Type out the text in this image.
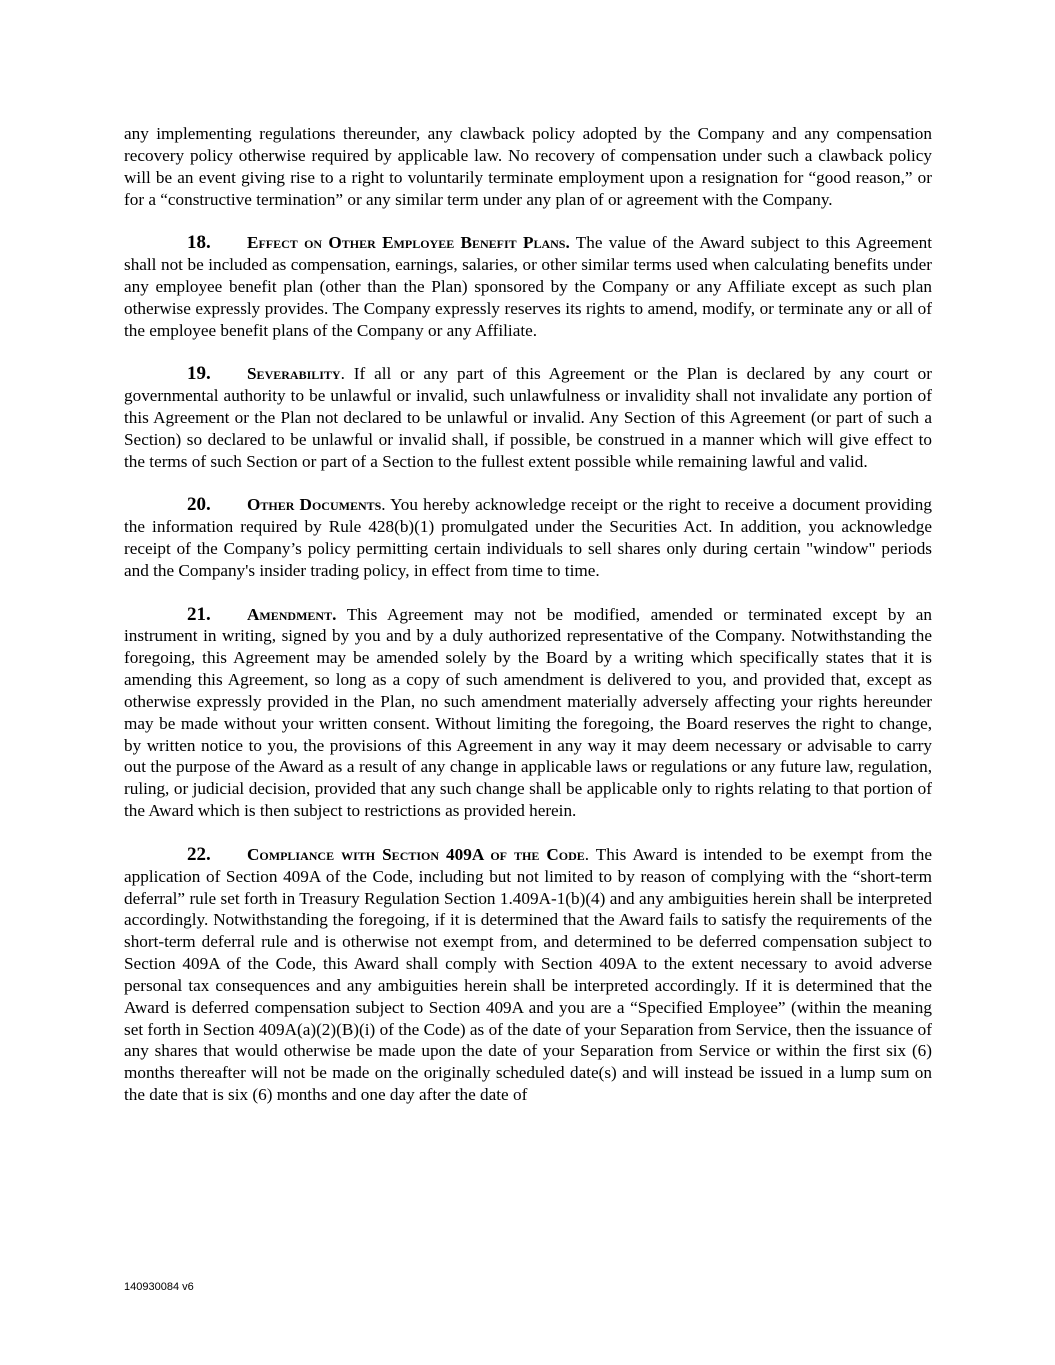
any implementing regulations thereunder, any clawback policy adopted by the Company and any compensation recovery policy otherwise required by applicable law. No recovery of compensation under such a clawback policy will be an event giving rise to a right to voluntarily terminate employment upon a resignation for “good reason,” or for a “constructive termination” or any similar term under any plan of or agreement with the Company.

18. Effect on Other Employee Benefit Plans. The value of the Award subject to this Agreement shall not be included as compensation, earnings, salaries, or other similar terms used when calculating benefits under any employee benefit plan (other than the Plan) sponsored by the Company or any Affiliate except as such plan otherwise expressly provides. The Company expressly reserves its rights to amend, modify, or terminate any or all of the employee benefit plans of the Company or any Affiliate.

19. Severability. If all or any part of this Agreement or the Plan is declared by any court or governmental authority to be unlawful or invalid, such unlawfulness or invalidity shall not invalidate any portion of this Agreement or the Plan not declared to be unlawful or invalid. Any Section of this Agreement (or part of such a Section) so declared to be unlawful or invalid shall, if possible, be construed in a manner which will give effect to the terms of such Section or part of a Section to the fullest extent possible while remaining lawful and valid.

20. Other Documents. You hereby acknowledge receipt or the right to receive a document providing the information required by Rule 428(b)(1) promulgated under the Securities Act. In addition, you acknowledge receipt of the Company’s policy permitting certain individuals to sell shares only during certain "window" periods and the Company's insider trading policy, in effect from time to time.

21. Amendment. This Agreement may not be modified, amended or terminated except by an instrument in writing, signed by you and by a duly authorized representative of the Company. Notwithstanding the foregoing, this Agreement may be amended solely by the Board by a writing which specifically states that it is amending this Agreement, so long as a copy of such amendment is delivered to you, and provided that, except as otherwise expressly provided in the Plan, no such amendment materially adversely affecting your rights hereunder may be made without your written consent. Without limiting the foregoing, the Board reserves the right to change, by written notice to you, the provisions of this Agreement in any way it may deem necessary or advisable to carry out the purpose of the Award as a result of any change in applicable laws or regulations or any future law, regulation, ruling, or judicial decision, provided that any such change shall be applicable only to rights relating to that portion of the Award which is then subject to restrictions as provided herein.

22. Compliance with Section 409A of the Code. This Award is intended to be exempt from the application of Section 409A of the Code, including but not limited to by reason of complying with the “short-term deferral” rule set forth in Treasury Regulation Section 1.409A-1(b)(4) and any ambiguities herein shall be interpreted accordingly. Notwithstanding the foregoing, if it is determined that the Award fails to satisfy the requirements of the short-term deferral rule and is otherwise not exempt from, and determined to be deferred compensation subject to Section 409A of the Code, this Award shall comply with Section 409A to the extent necessary to avoid adverse personal tax consequences and any ambiguities herein shall be interpreted accordingly. If it is determined that the Award is deferred compensation subject to Section 409A and you are a “Specified Employee” (within the meaning set forth in Section 409A(a)(2)(B)(i) of the Code) as of the date of your Separation from Service, then the issuance of any shares that would otherwise be made upon the date of your Separation from Service or within the first six (6) months thereafter will not be made on the originally scheduled date(s) and will instead be issued in a lump sum on the date that is six (6) months and one day after the date of

140930084 v6
